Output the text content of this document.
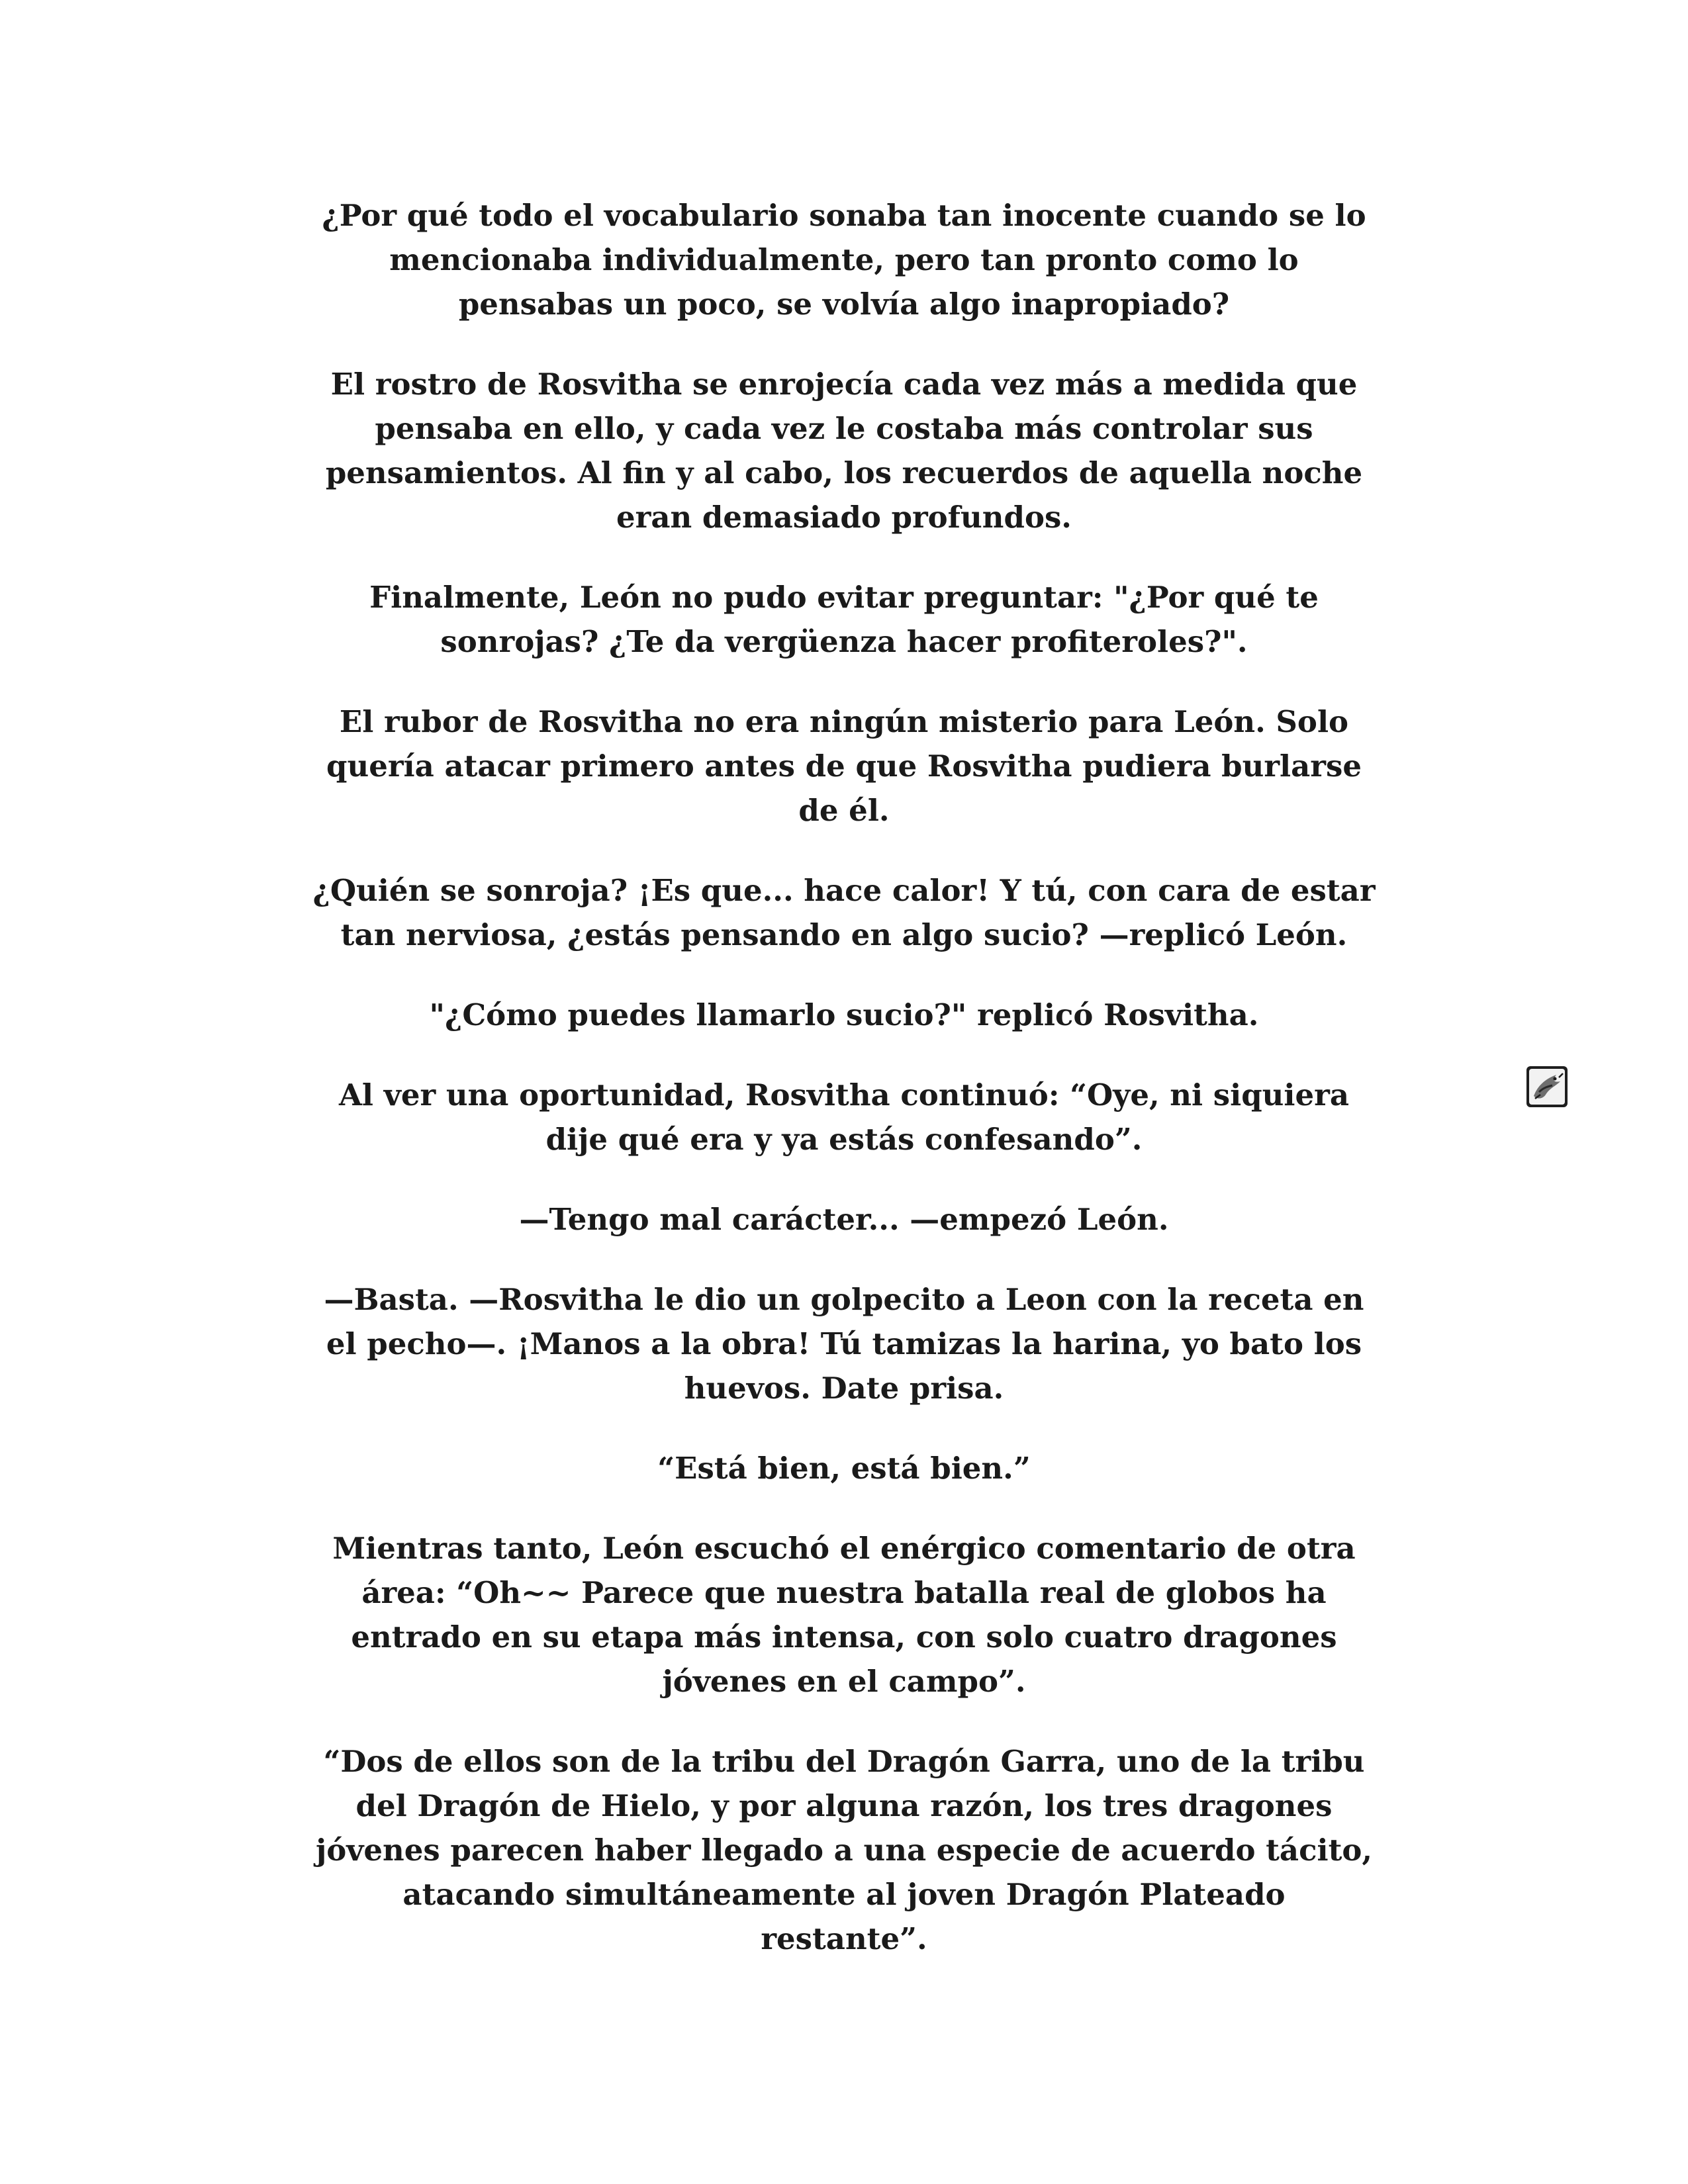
¿Por qué todo el vocabulario sonaba tan inocente cuando se lo
mencionaba individualmente, pero tan pronto como lo
pensabas un poco, se volvía algo inapropiado?

El rostro de Rosvitha se enrojecía cada vez más a medida que
pensaba en ello, y cada vez le costaba más controlar sus
pensamientos. Al fin y al cabo, los recuerdos de aquella noche
eran demasiado profundos.

Finalmente, León no pudo evitar preguntar: "¿Por qué te
sonrojas? ¿Te da vergüenza hacer profiteroles?".

El rubor de Rosvitha no era ningún misterio para León. Solo
quería atacar primero antes de que Rosvitha pudiera burlarse
de él.

¿Quién se sonroja? ¡Es que... hace calor! Y tú, con cara de estar
tan nerviosa, ¿estás pensando en algo sucio? —replicó León.

"¿Cómo puedes llamarlo sucio?" replicó Rosvitha.

Al ver una oportunidad, Rosvitha continuó: “Oye, ni siquiera
dije qué era y ya estás confesando”.

—Tengo mal carácter... —empezó León.

—Basta. —Rosvitha le dio un golpecito a Leon con la receta en
el pecho—. ¡Manos a la obra! Tú tamizas la harina, yo bato los
huevos. Date prisa.

“Está bien, está bien.”

Mientras tanto, León escuchó el enérgico comentario de otra
área: “Oh~~ Parece que nuestra batalla real de globos ha
entrado en su etapa más intensa, con solo cuatro dragones
jóvenes en el campo”.

“Dos de ellos son de la tribu del Dragón Garra, uno de la tribu
del Dragón de Hielo, y por alguna razón, los tres dragones
jóvenes parecen haber llegado a una especie de acuerdo tácito,
atacando simultáneamente al joven Dragón Plateado
restante”.
